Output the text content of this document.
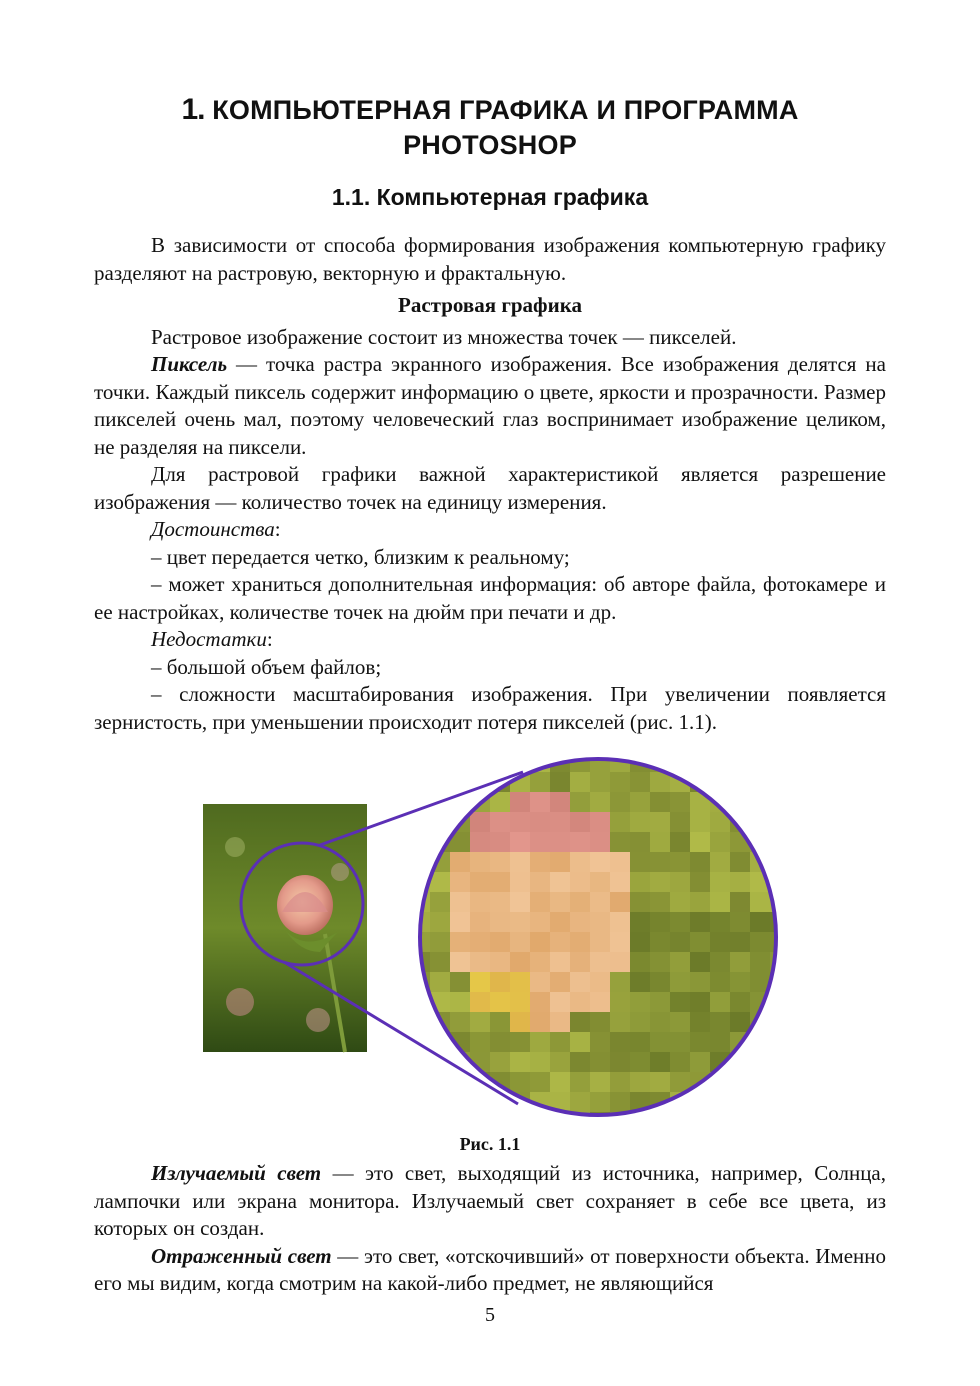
1. КОМПЬЮТЕРНАЯ ГРАФИКА И ПРОГРАММА
PHOTOSHOP
1.1. Компьютерная графика

В зависимости от способа формирования изображения компьютерную графику разделяют на растровую, векторную и фрактальную.

Растровая графика

Растровое изображение состоит из множества точек — пикселей.

Пиксель — точка растра экранного изображения. Все изображения делятся на точки. Каждый пиксель содержит информацию о цвете, яркости и прозрачности. Размер пикселей очень мал, поэтому человеческий глаз воспринимает изображение целиком, не разделяя на пиксели.

Для растровой графики важной характеристикой является разрешение изображения — количество точек на единицу измерения.

Достоинства:

– цвет передается четко, близким к реальному;

– может храниться дополнительная информация: об авторе файла, фотокамере и ее настройках, количестве точек на дюйм при печати и др.

Недостатки:

– большой объем файлов;

– сложности масштабирования изображения. При увеличении появляется зернистость, при уменьшении происходит потеря пикселей (рис. 1.1).

Рис. 1.1

Излучаемый свет — это свет, выходящий из источника, например, Солнца, лампочки или экрана монитора. Излучаемый свет сохраняет в себе все цвета, из которых он создан.

Отраженный свет — это свет, «отскочивший» от поверхности объекта. Именно его мы видим, когда смотрим на какой-либо предмет, не являющийся

5
